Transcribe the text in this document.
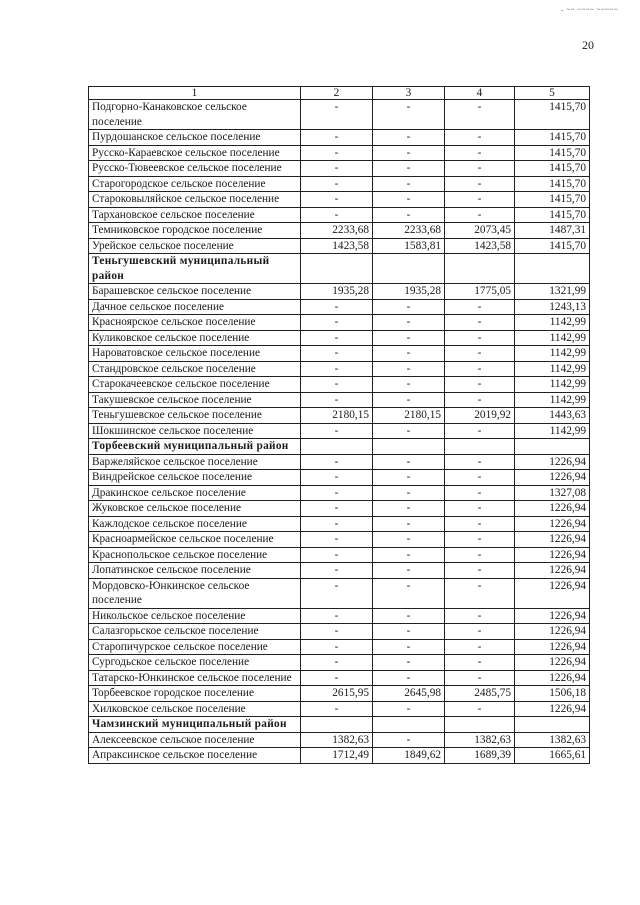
- ~~ ~~~~ ~~~~~
20
1	2	3	4	5
Подгорно-Канаковское сельское поселение	-	-	-	1415,70
Пурдошанское сельское поселение	-	-	-	1415,70
Русско-Караевское сельское поселение	-	-	-	1415,70
Русско-Тювеевское сельское поселение	-	-	-	1415,70
Старогородское сельское поселение	-	-	-	1415,70
Староковыляйское сельское поселение	-	-	-	1415,70
Тархановское сельское поселение	-	-	-	1415,70
Темниковское городское поселение	2233,68	2233,68	2073,45	1487,31
Урейское сельское поселение	1423,58	1583,81	1423,58	1415,70
Теньгушевский муниципальный район				
Барашевское сельское поселение	1935,28	1935,28	1775,05	1321,99
Дачное сельское поселение	-	-	-	1243,13
Красноярское сельское поселение	-	-	-	1142,99
Куликовское сельское поселение	-	-	-	1142,99
Нароватовское сельское поселение	-	-	-	1142,99
Стандровское сельское поселение	-	-	-	1142,99
Старокачеевское сельское поселение	-	-	-	1142,99
Такушевское сельское поселение	-	-	-	1142,99
Теньгушевское сельское поселение	2180,15	2180,15	2019,92	1443,63
Шокшинское сельское поселение	-	-	-	1142,99
Торбеевский муниципальный район				
Варжеляйское сельское поселение	-	-	-	1226,94
Виндрейское сельское поселение	-	-	-	1226,94
Дракинское сельское поселение	-	-	-	1327,08
Жуковское сельское поселение	-	-	-	1226,94
Кажлодское сельское поселение	-	-	-	1226,94
Красноармейское сельское поселение	-	-	-	1226,94
Краснопольское сельское поселение	-	-	-	1226,94
Лопатинское сельское поселение	-	-	-	1226,94
Мордовско-Юнкинское сельское поселение	-	-	-	1226,94
Никольское сельское поселение	-	-	-	1226,94
Салазгорьское сельское поселение	-	-	-	1226,94
Старопичурское сельское поселение	-	-	-	1226,94
Сургодьское сельское поселение	-	-	-	1226,94
Татарско-Юнкинское сельское поселение	-	-	-	1226,94
Торбеевское городское поселение	2615,95	2645,98	2485,75	1506,18
Хилковское сельское поселение	-	-	-	1226,94
Чамзинский муниципальный район				
Алексеевское сельское поселение	1382,63	-	1382,63	1382,63
Апраксинское сельское поселение	1712,49	1849,62	1689,39	1665,61
